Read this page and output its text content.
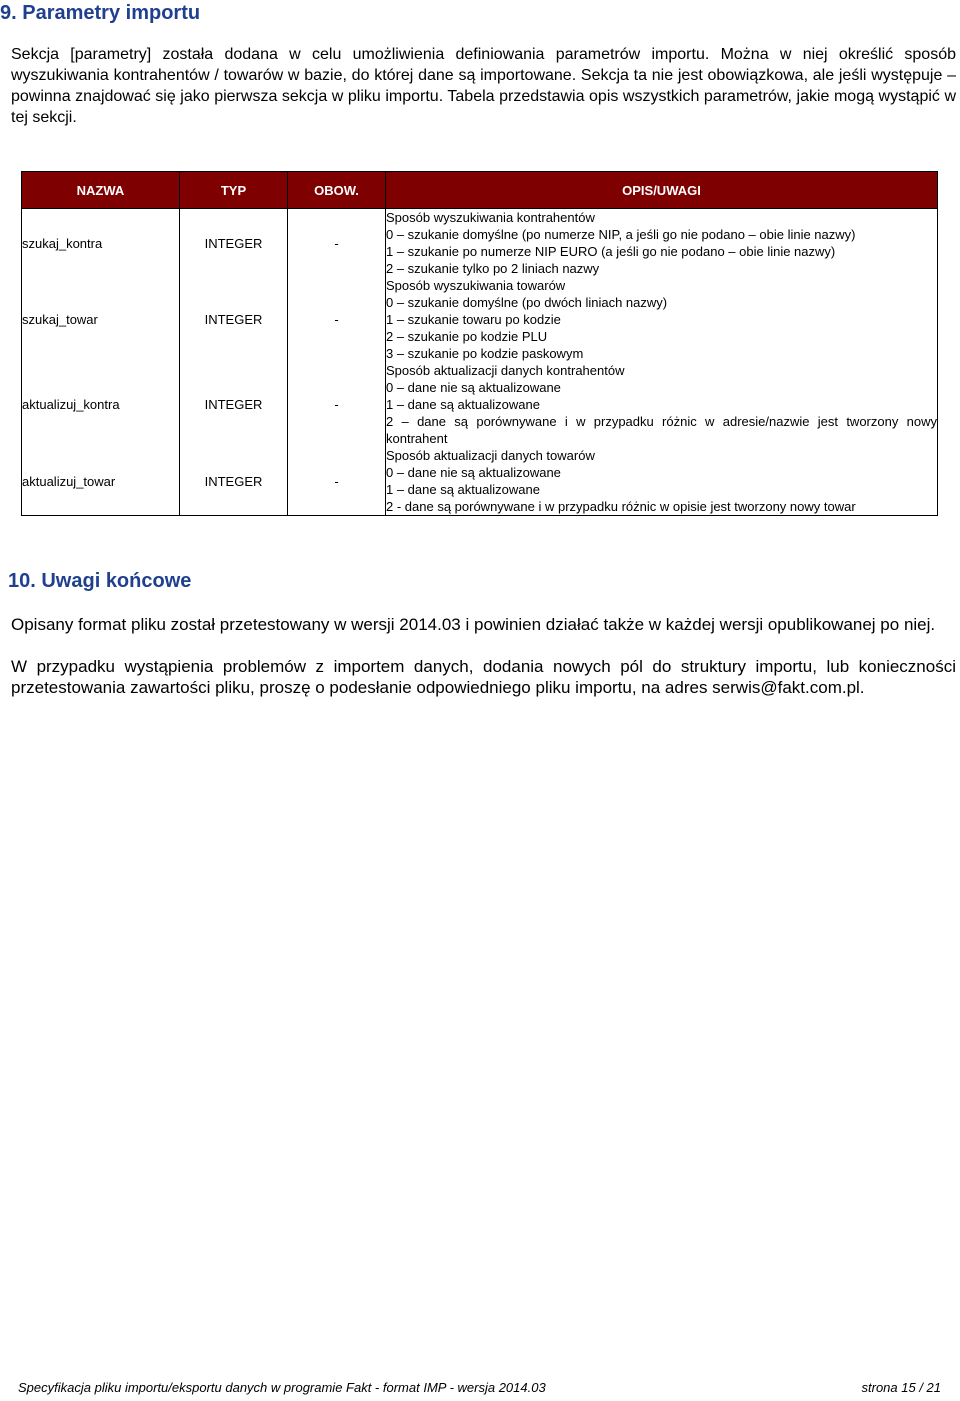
9. Parametry importu

Sekcja [parametry] została dodana w celu umożliwienia definiowania parametrów importu. Można w niej określić sposób wyszukiwania kontrahentów / towarów w bazie, do której dane są importowane. Sekcja ta nie jest obowiązkowa, ale jeśli występuje – powinna znajdować się jako pierwsza sekcja w pliku importu. Tabela przedstawia opis wszystkich parametrów, jakie mogą wystąpić w tej sekcji.

NAZWA	TYP	OBOW.	OPIS/UWAGI
szukaj_kontra	INTEGER	-	Sposób wyszukiwania kontrahentów
0 – szukanie domyślne (po numerze NIP, a jeśli go nie podano – obie linie nazwy)
1 – szukanie po numerze NIP EURO (a jeśli go nie podano – obie linie nazwy)
2 – szukanie tylko po 2 liniach nazwy

szukaj_towar	INTEGER	-	Sposób wyszukiwania towarów
0 – szukanie domyślne (po dwóch liniach nazwy)
1 – szukanie towaru po kodzie
2 – szukanie po kodzie PLU
3 – szukanie po kodzie paskowym

aktualizuj_kontra	INTEGER	-	Sposób aktualizacji danych kontrahentów
0 – dane nie są aktualizowane
1 – dane są aktualizowane
2 – dane są porównywane i w przypadku różnic w adresie/nazwie jest tworzony nowy kontrahent

aktualizuj_towar	INTEGER	-	Sposób aktualizacji danych towarów
0 – dane nie są aktualizowane
1 – dane są aktualizowane
2 - dane są porównywane i w przypadku różnic w opisie jest tworzony nowy towar
10. Uwagi końcowe

Opisany format pliku został przetestowany w wersji 2014.03 i powinien działać także w każdej wersji opublikowanej po niej.

W przypadku wystąpienia problemów z importem danych, dodania nowych pól do struktury importu, lub konieczności przetestowania zawartości pliku, proszę o podesłanie odpowiedniego pliku importu, na adres serwis@fakt.com.pl.

Specyfikacja pliku importu/eksportu danych w programie Fakt - format IMP - wersja 2014.03	strona 15 / 21
